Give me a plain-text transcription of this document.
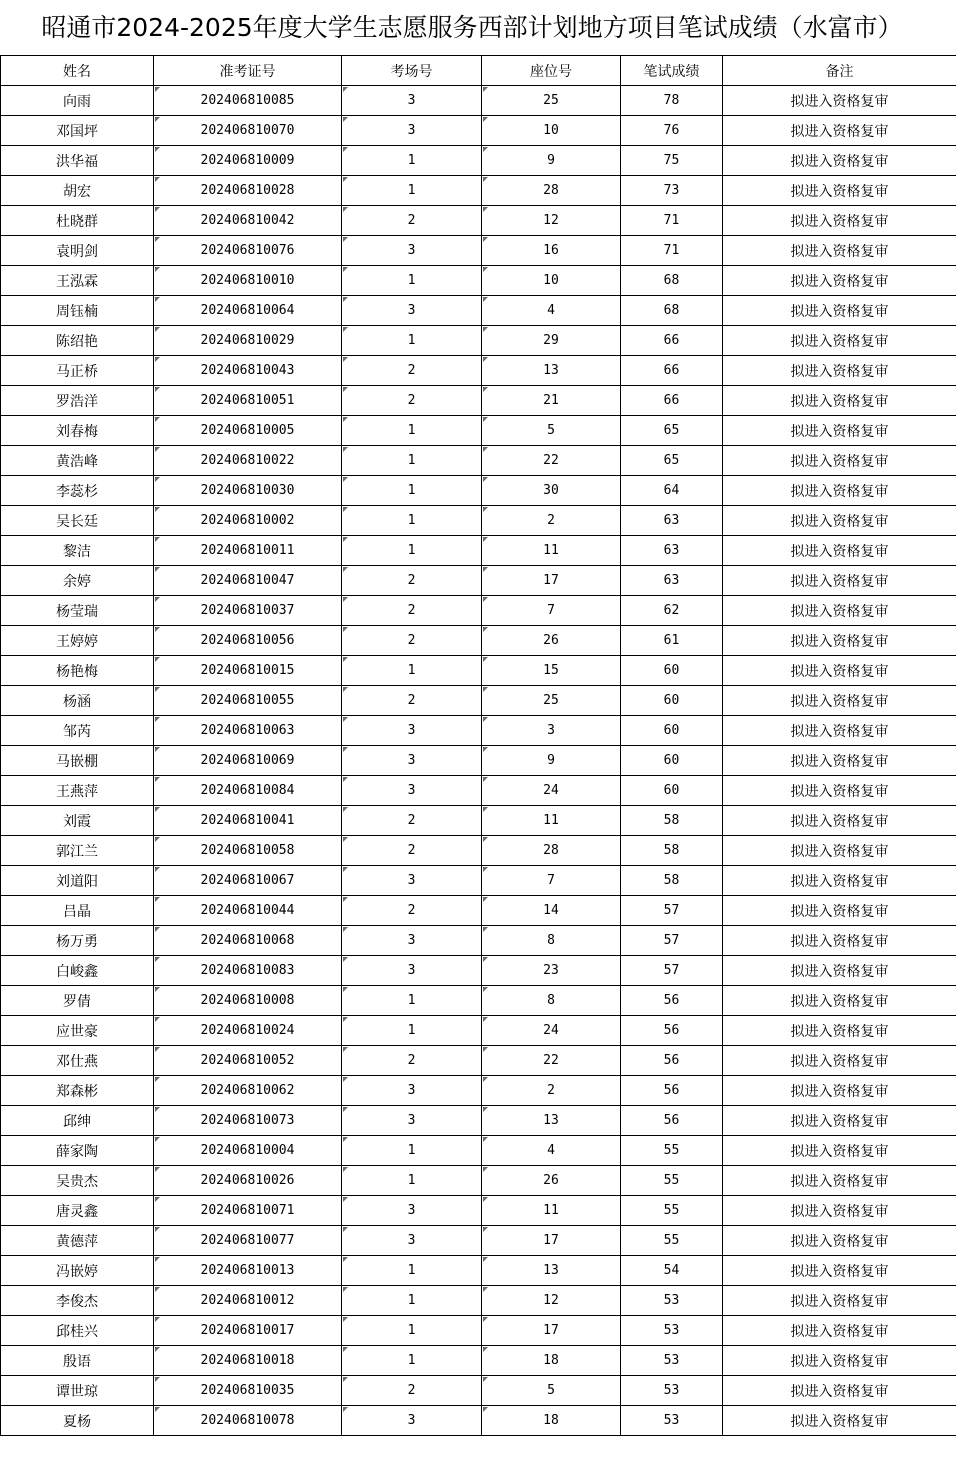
昭通市2024-2025年度大学生志愿服务西部计划地方项目笔试成绩（水富市）
姓名	准考证号	考场号	座位号	笔试成绩	备注
向雨	202406810085	3	25	78	拟进入资格复审
邓国坪	202406810070	3	10	76	拟进入资格复审
洪华福	202406810009	1	9	75	拟进入资格复审
胡宏	202406810028	1	28	73	拟进入资格复审
杜晓群	202406810042	2	12	71	拟进入资格复审
袁明剑	202406810076	3	16	71	拟进入资格复审
王泓霖	202406810010	1	10	68	拟进入资格复审
周钰楠	202406810064	3	4	68	拟进入资格复审
陈绍艳	202406810029	1	29	66	拟进入资格复审
马正桥	202406810043	2	13	66	拟进入资格复审
罗浩洋	202406810051	2	21	66	拟进入资格复审
刘春梅	202406810005	1	5	65	拟进入资格复审
黄浩峰	202406810022	1	22	65	拟进入资格复审
李蕊杉	202406810030	1	30	64	拟进入资格复审
吴长廷	202406810002	1	2	63	拟进入资格复审
黎洁	202406810011	1	11	63	拟进入资格复审
余婷	202406810047	2	17	63	拟进入资格复审
杨莹瑞	202406810037	2	7	62	拟进入资格复审
王婷婷	202406810056	2	26	61	拟进入资格复审
杨艳梅	202406810015	1	15	60	拟进入资格复审
杨涵	202406810055	2	25	60	拟进入资格复审
邹芮	202406810063	3	3	60	拟进入资格复审
马嵌棚	202406810069	3	9	60	拟进入资格复审
王燕萍	202406810084	3	24	60	拟进入资格复审
刘霞	202406810041	2	11	58	拟进入资格复审
郭江兰	202406810058	2	28	58	拟进入资格复审
刘道阳	202406810067	3	7	58	拟进入资格复审
吕晶	202406810044	2	14	57	拟进入资格复审
杨万勇	202406810068	3	8	57	拟进入资格复审
白峻鑫	202406810083	3	23	57	拟进入资格复审
罗倩	202406810008	1	8	56	拟进入资格复审
应世豪	202406810024	1	24	56	拟进入资格复审
邓仕燕	202406810052	2	22	56	拟进入资格复审
郑森彬	202406810062	3	2	56	拟进入资格复审
邱绅	202406810073	3	13	56	拟进入资格复审
薛家陶	202406810004	1	4	55	拟进入资格复审
吴贵杰	202406810026	1	26	55	拟进入资格复审
唐灵鑫	202406810071	3	11	55	拟进入资格复审
黄德萍	202406810077	3	17	55	拟进入资格复审
冯嵌婷	202406810013	1	13	54	拟进入资格复审
李俊杰	202406810012	1	12	53	拟进入资格复审
邱桂兴	202406810017	1	17	53	拟进入资格复审
殷语	202406810018	1	18	53	拟进入资格复审
谭世琼	202406810035	2	5	53	拟进入资格复审
夏杨	202406810078	3	18	53	拟进入资格复审
